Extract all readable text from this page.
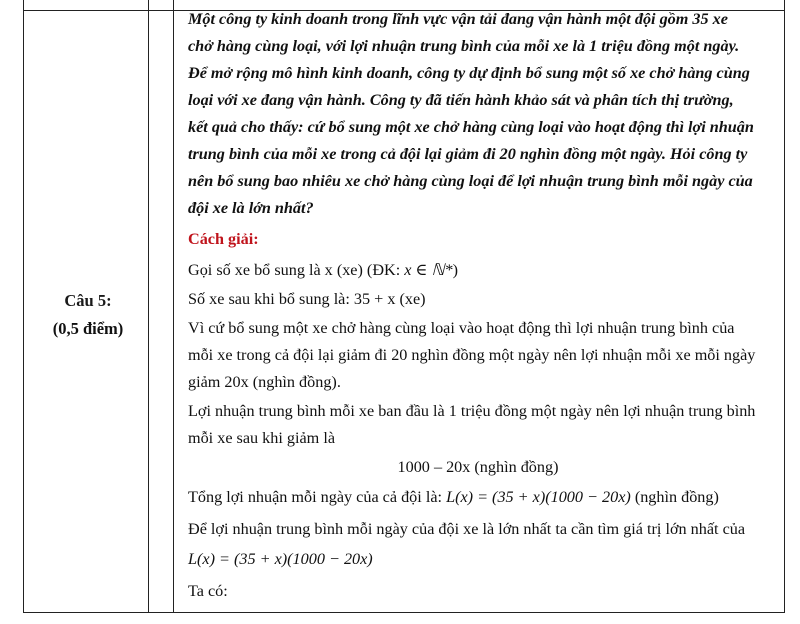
Câu 5:
(0,5 điểm)
Một công ty kinh doanh trong lĩnh vực vận tải đang vận hành một đội gồm 35 xe
chở hàng cùng loại, với lợi nhuận trung bình của mỗi xe là 1 triệu đồng một ngày.
Để mở rộng mô hình kinh doanh, công ty dự định bổ sung một số xe chở hàng cùng
loại với xe đang vận hành. Công ty đã tiến hành khảo sát và phân tích thị trường,
kết quả cho thấy: cứ bổ sung một xe chở hàng cùng loại vào hoạt động thì lợi nhuận
trung bình của mỗi xe trong cả đội lại giảm đi 20 nghìn đồng một ngày. Hỏi công ty
nên bổ sung bao nhiêu xe chở hàng cùng loại để lợi nhuận trung bình mỗi ngày của
đội xe là lớn nhất?
Cách giải:
Gọi số xe bổ sung là x (xe) (ĐK: x ∈ ℕ*)
Số xe sau khi bổ sung là: 35 + x (xe)
Vì cứ bổ sung một xe chở hàng cùng loại vào hoạt động thì lợi nhuận trung bình của
mỗi xe trong cả đội lại giảm đi 20 nghìn đồng một ngày nên lợi nhuận mỗi xe mỗi ngày
giảm 20x (nghìn đồng).
Lợi nhuận trung bình mỗi xe ban đầu là 1 triệu đồng một ngày nên lợi nhuận trung bình
mỗi xe sau khi giảm là
1000 – 20x (nghìn đồng)
Tổng lợi nhuận mỗi ngày của cả đội là: L(x) = (35 + x)(1000 − 20x) (nghìn đồng)
Để lợi nhuận trung bình mỗi ngày của đội xe là lớn nhất ta cần tìm giá trị lớn nhất của
L(x) = (35 + x)(1000 − 20x)
Ta có:
